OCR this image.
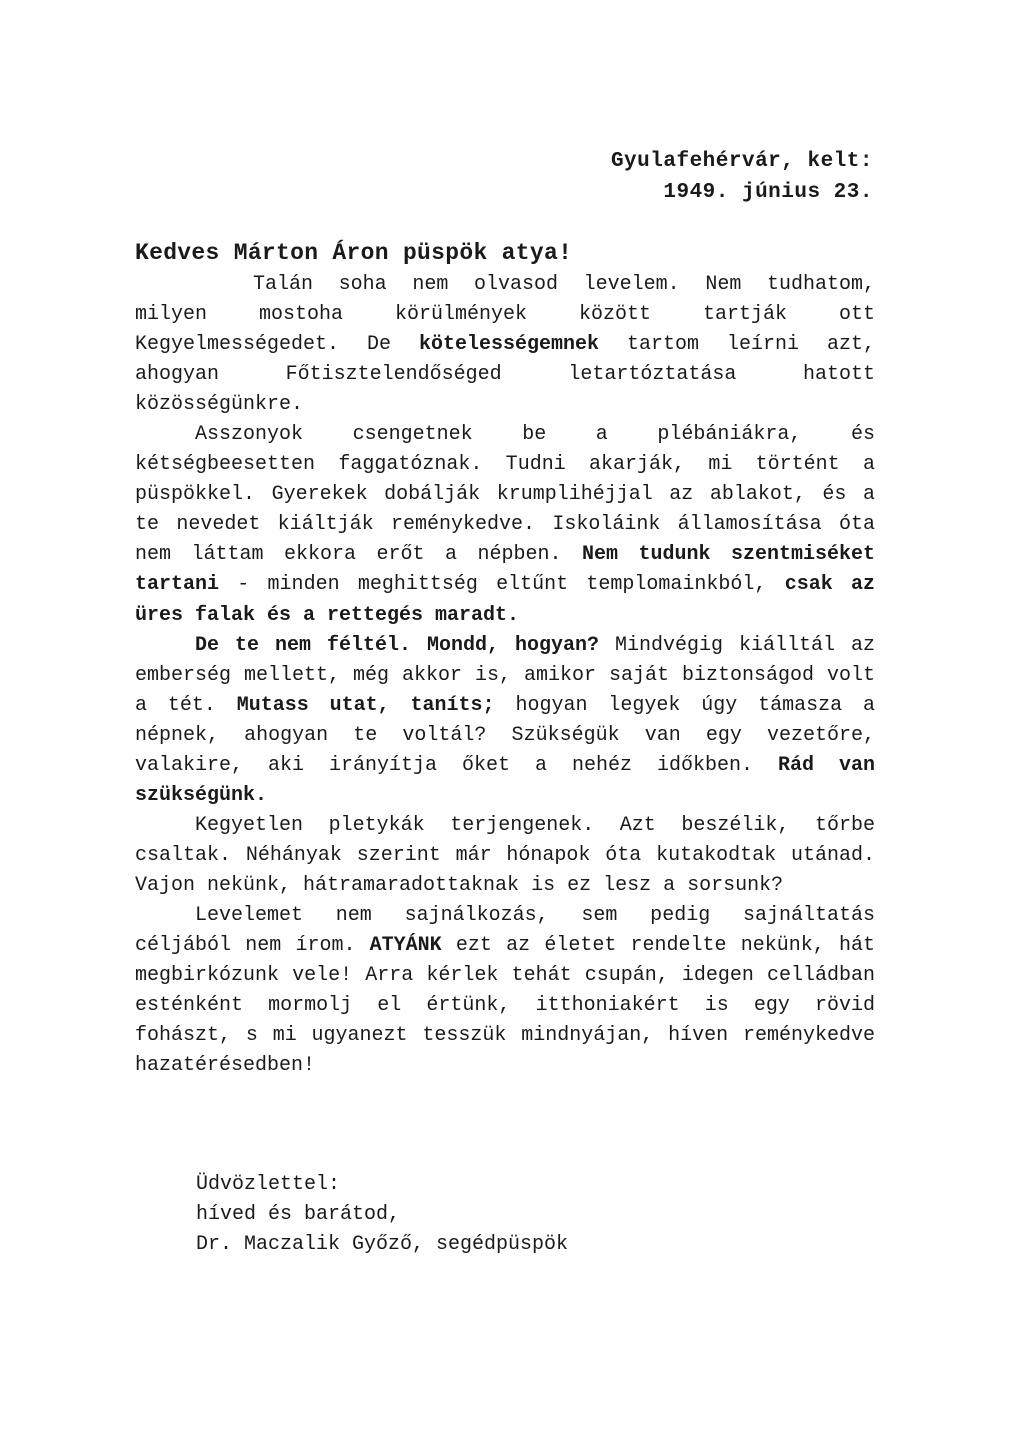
Gyulafehérvár, kelt:
1949. június 23.
Kedves Márton Áron püspök atya!

Talán soha nem olvasod levelem. Nem tudhatom, milyen mostoha körülmények között tartják ott Kegyelmességedet. De kötelességemnek tartom leírni azt, ahogyan Főtisztelendőséged letartóztatása hatott közösségünkre.

Asszonyok csengetnek be a plébániákra, és kétségbeesetten faggatóznak. Tudni akarják, mi történt a püspökkel. Gyerekek dobálják krumplihéjjal az ablakot, és a te nevedet kiáltják reménykedve. Iskoláink államosítása óta nem láttam ekkora erőt a népben. Nem tudunk szentmiséket tartani - minden meghittség eltűnt templomainkból, csak az üres falak és a rettegés maradt.

De te nem féltél. Mondd, hogyan? Mindvégig kiálltál az emberség mellett, még akkor is, amikor saját biztonságod volt a tét. Mutass utat, taníts; hogyan legyek úgy támasza a népnek, ahogyan te voltál? Szükségük van egy vezetőre, valakire, aki irányítja őket a nehéz időkben. Rád van szükségünk.

Kegyetlen pletykák terjengenek. Azt beszélik, tőrbe csaltak. Néhányak szerint már hónapok óta kutakodtak utánad. Vajon nekünk, hátramaradottaknak is ez lesz a sorsunk?

Levelemet nem sajnálkozás, sem pedig sajnáltatás céljából nem írom. ATYÁNK ezt az életet rendelte nekünk, hát megbirkózunk vele! Arra kérlek tehát csupán, idegen celládban esténként mormolj el értünk, itthoniakért is egy rövid fohászt, s mi ugyanezt tesszük mindnyájan, híven reménykedve hazatérésedben!

Üdvözlettel:
híved és barátod,
Dr. Maczalik Győző, segédpüspök
